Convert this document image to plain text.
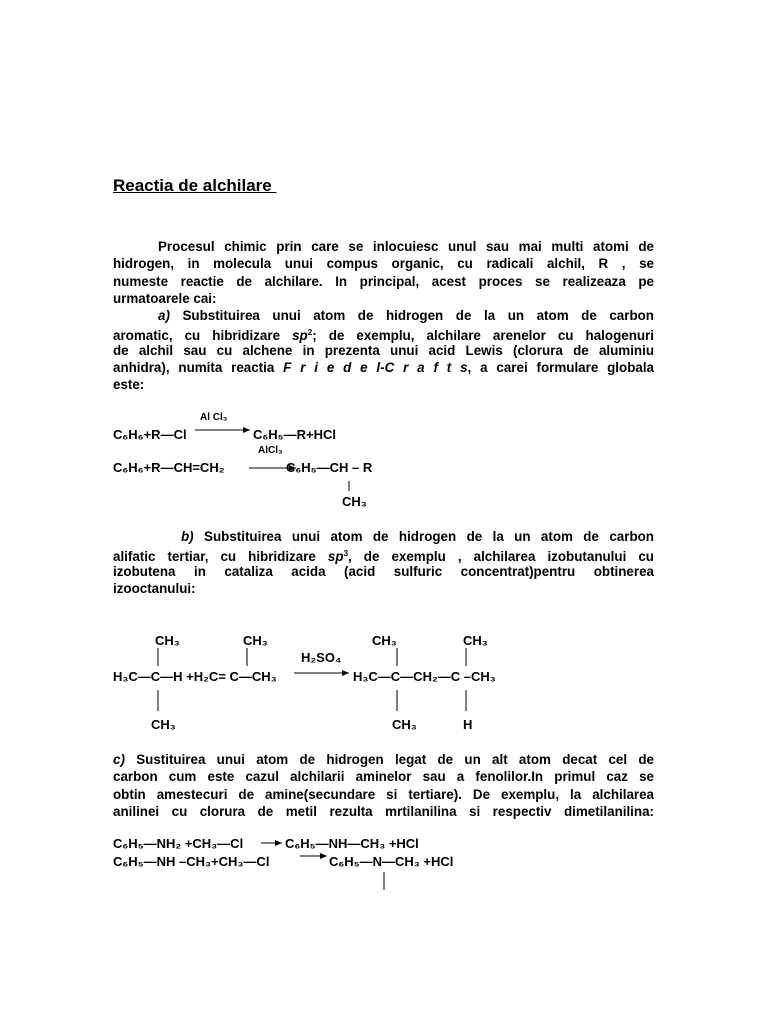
Reactia de alchilare
Procesul chimic prin care se inlocuiesc unul sau mai multi atomi de
hidrogen, in molecula unui compus organic, cu radicali alchil, R , se
numeste reactie de alchilare. In principal, acest proces se realizeaza pe
urmatoarele cai:
a) Substituirea unui atom de hidrogen de la un atom de carbon
aromatic, cu hibridizare $sp^2$; de exemplu, alchilare arenelor cu halogenuri
de alchil sau cu alchene in prezenta unui acid Lewis (clorura de aluminiu
anhidra), numita reactia F r i e d e l-C r a f t s, a carei formulare globala
este:
Al Cl₃
C₆H₆+R—Cl	C₆H₅—R+HCl
AlCl₃
C₆H₆+R—CH=CH₂	C₆H₅—CH – R
CH₃
b) Substituirea unui atom de hidrogen de la un atom de carbon
alifatic tertiar, cu hibridizare $sp^3$, de exemplu , alchilarea izobutanului cu
izobutena in cataliza acida (acid sulfuric concentrat)pentru obtinerea
izooctanului:
CH₃	CH₃	CH₃	CH₃
H₂SO₄
H₃C—C—H +H₂C= C—CH₃	H₃C—C—CH₂—C –CH₃
CH₃	CH₃	H
c) Sustituirea unui atom de hidrogen legat de un alt atom decat cel de
carbon cum este cazul alchilarii aminelor sau a fenolilor.In primul caz se
obtin amestecuri de amine(secundare si tertiare). De exemplu, la alchilarea
anilinei cu clorura de metil rezulta mrtilanilina si respectiv dimetilanilina:
C₆H₅—NH₂ +CH₃—Cl	C₆H₅—NH—CH₃ +HCl
C₆H₅—NH –CH₃+CH₃—Cl	C₆H₅—N—CH₃ +HCl
